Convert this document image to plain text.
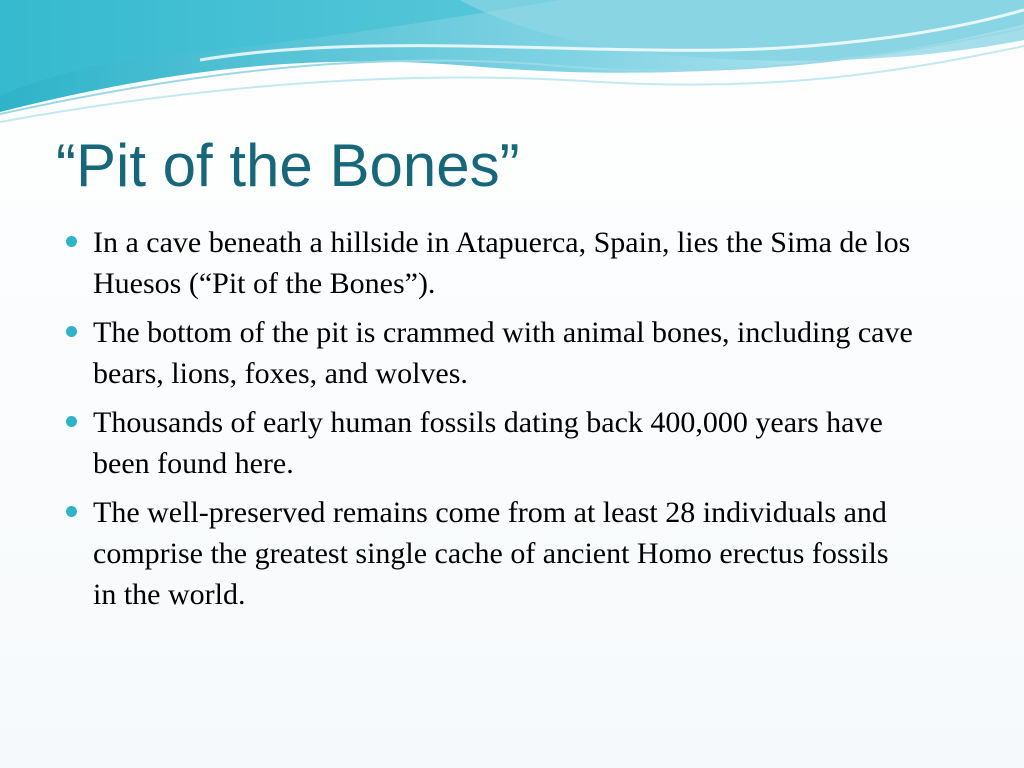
“Pit of the Bones”
In a cave beneath a hillside in Atapuerca, Spain, lies the Sima de los Huesos (“Pit of the Bones”).
The bottom of the pit is crammed with animal bones, including cave bears, lions, foxes, and wolves.
Thousands of early human fossils dating back 400,000 years have been found here.
The well-preserved remains come from at least 28 individuals and comprise the greatest single cache of ancient Homo erectus fossils in the world.
